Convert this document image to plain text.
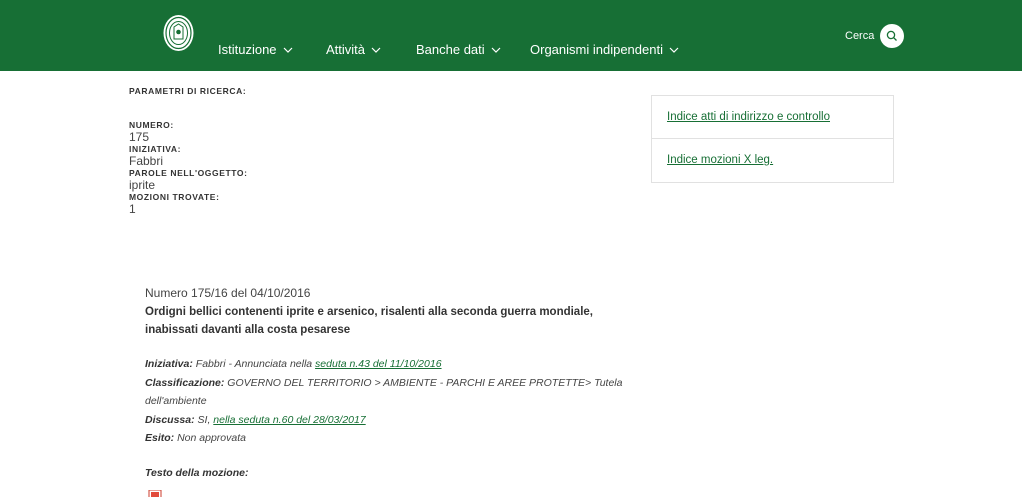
Istituzione	Attività	Banche dati	Organismi indipendenti
Cerca
PARAMETRI DI RICERCA:
NUMERO:
175
INIZIATIVA:
Fabbri
PAROLE NELL'OGGETTO:
iprite
MOZIONI TROVATE:
1
Numero 175/16 del 04/10/2016
Ordigni bellici contenenti iprite e arsenico, risalenti alla seconda guerra mondiale, inabissati davanti alla costa pesarese
Iniziativa: Fabbri - Annunciata nella seduta n.43 del 11/10/2016
Classificazione: GOVERNO DEL TERRITORIO > AMBIENTE - PARCHI E AREE PROTETTE> Tutela dell'ambiente
Discussa: SI, nella seduta n.60 del 28/03/2017
Esito: Non approvata
Testo della mozione:
Indice atti di indirizzo e controllo
Indice mozioni X leg.
